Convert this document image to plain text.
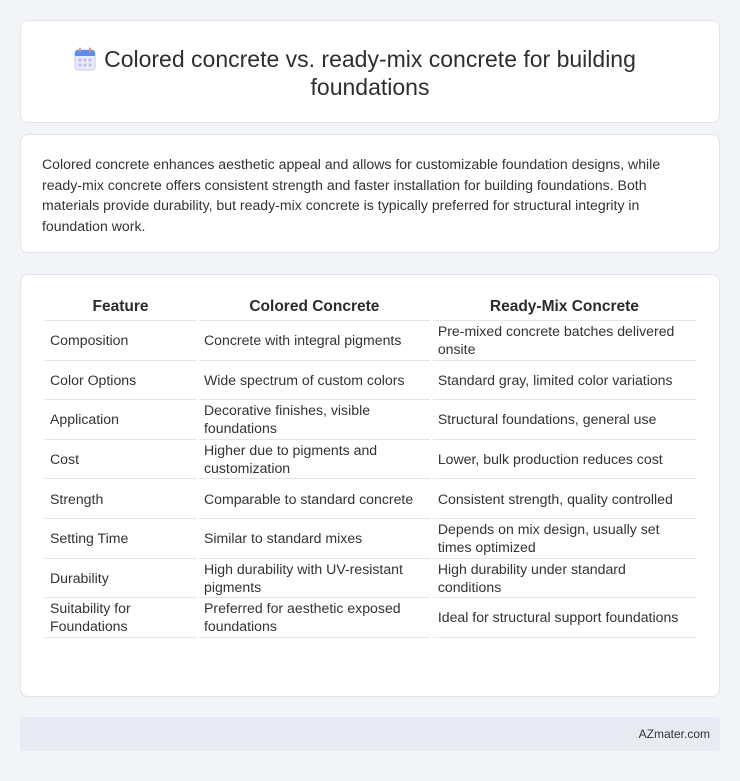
Colored concrete vs. ready-mix concrete for building foundations

Colored concrete enhances aesthetic appeal and allows for customizable foundation designs, while ready-mix concrete offers consistent strength and faster installation for building foundations. Both materials provide durability, but ready-mix concrete is typically preferred for structural integrity in foundation work.

Feature	Colored Concrete	Ready-Mix Concrete
Composition	Concrete with integral pigments	Pre-mixed concrete batches delivered onsite
Color Options	Wide spectrum of custom colors	Standard gray, limited color variations
Application	Decorative finishes, visible foundations	Structural foundations, general use
Cost	Higher due to pigments and customization	Lower, bulk production reduces cost
Strength	Comparable to standard concrete	Consistent strength, quality controlled
Setting Time	Similar to standard mixes	Depends on mix design, usually set times optimized
Durability	High durability with UV-resistant pigments	High durability under standard conditions
Suitability for Foundations	Preferred for aesthetic exposed foundations	Ideal for structural support foundations
AZmater.com
